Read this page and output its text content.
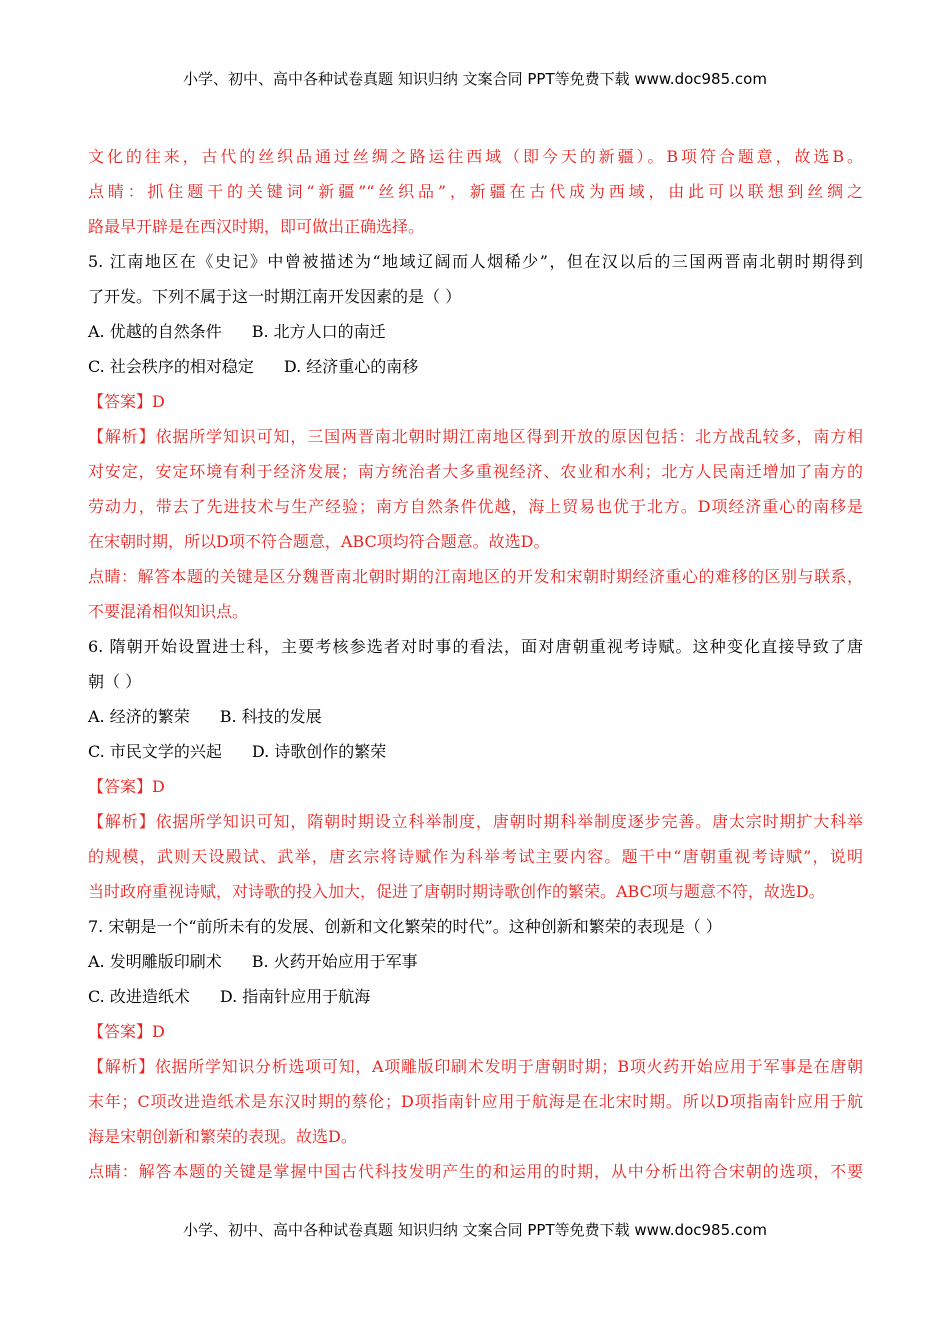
小学、初中、高中各种试卷真题 知识归纳 文案合同 PPT等免费下载 www.doc985.com
文化的往来，古代的丝织品通过丝绸之路运往西域（即今天的新疆）。B项符合题意，故选B。
点睛：抓住题干的关键词“新疆”“丝织品”，新疆在古代成为西域，由此可以联想到丝绸之
路最早开辟是在西汉时期，即可做出正确选择。
5. 江南地区在《史记》中曾被描述为“地域辽阔而人烟稀少”，但在汉以后的三国两晋南北朝时期得到
了开发。下列不属于这一时期江南开发因素的是（ ）
A. 优越的自然条件 B. 北方人口的南迁
C. 社会秩序的相对稳定 D. 经济重心的南移
【答案】D
【解析】依据所学知识可知，三国两晋南北朝时期江南地区得到开放的原因包括：北方战乱较多，南方相
对安定，安定环境有利于经济发展；南方统治者大多重视经济、农业和水利；北方人民南迁增加了南方的
劳动力，带去了先进技术与生产经验；南方自然条件优越，海上贸易也优于北方。D项经济重心的南移是
在宋朝时期，所以D项不符合题意，ABC项均符合题意。故选D。
点睛：解答本题的关键是区分魏晋南北朝时期的江南地区的开发和宋朝时期经济重心的难移的区别与联系，
不要混淆相似知识点。
6. 隋朝开始设置进士科，主要考核参选者对时事的看法，面对唐朝重视考诗赋。这种变化直接导致了唐
朝（ ）
A. 经济的繁荣 B. 科技的发展
C. 市民文学的兴起 D. 诗歌创作的繁荣
【答案】D
【解析】依据所学知识可知，隋朝时期设立科举制度，唐朝时期科举制度逐步完善。唐太宗时期扩大科举
的规模，武则天设殿试、武举，唐玄宗将诗赋作为科举考试主要内容。题干中“唐朝重视考诗赋”，说明
当时政府重视诗赋，对诗歌的投入加大，促进了唐朝时期诗歌创作的繁荣。ABC项与题意不符，故选D。
7. 宋朝是一个“前所未有的发展、创新和文化繁荣的时代”。这种创新和繁荣的表现是（ ）
A. 发明雕版印刷术 B. 火药开始应用于军事
C. 改进造纸术 D. 指南针应用于航海
【答案】D
【解析】依据所学知识分析选项可知，A项雕版印刷术发明于唐朝时期；B项火药开始应用于军事是在唐朝
末年；C项改进造纸术是东汉时期的蔡伦；D项指南针应用于航海是在北宋时期。所以D项指南针应用于航
海是宋朝创新和繁荣的表现。故选D。
点睛：解答本题的关键是掌握中国古代科技发明产生的和运用的时期，从中分析出符合宋朝的选项，不要
小学、初中、高中各种试卷真题 知识归纳 文案合同 PPT等免费下载 www.doc985.com
